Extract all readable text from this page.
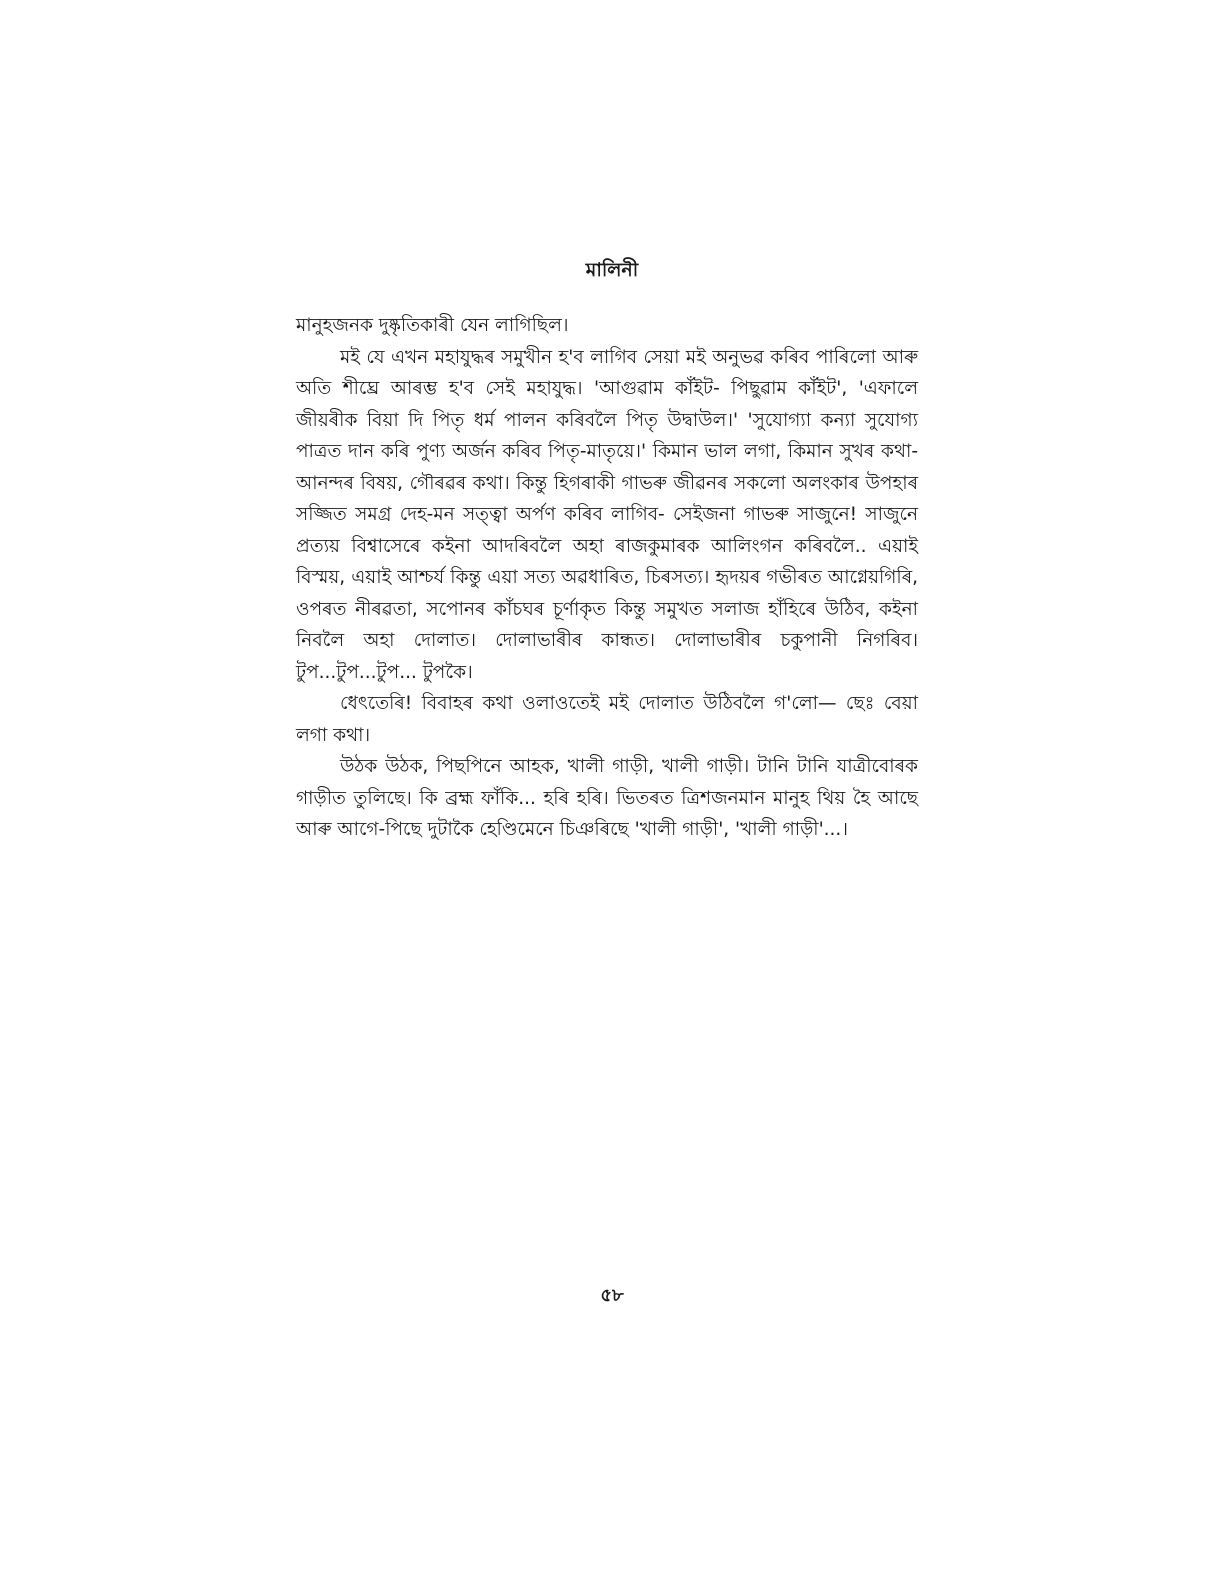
মালিনী

মানুহজনক দুষ্কৃতিকাৰী যেন লাগিছিল।

মই যে এখন মহাযুদ্ধৰ সমুখীন হ'ব লাগিব সেয়া মই অনুভৱ কৰিব পাৰিলো আৰু অতি শীঘ্ৰে আৰম্ভ হ'ব সেই মহাযুদ্ধ। 'আগুৱাম কাঁইট- পিছুৱাম কাঁইট', 'এফালে জীয়ৰীক বিয়া দি পিতৃ ধৰ্ম পালন কৰিবলৈ পিতৃ উদ্বাউল।' 'সুযোগ্যা কন্যা সুযোগ্য পাত্ৰত দান কৰি পুণ্য অৰ্জন কৰিব পিতৃ-মাতৃয়ে।' কিমান ভাল লগা, কিমান সুখৰ কথা- আনন্দৰ বিষয়, গৌৰৱৰ কথা। কিন্তু হিগৰাকী গাভৰু জীৱনৰ সকলো অলংকাৰ উপহাৰ সজ্জিত সমগ্ৰ দেহ-মন সত্ত্বা অৰ্পণ কৰিব লাগিব- সেইজনা গাভৰু সাজুনে! সাজুনে প্ৰত্যয় বিশ্বাসেৰে কইনা আদৰিবলৈ অহা ৰাজকুমাৰক আলিংগন কৰিবলৈ.. এয়াই বিস্ময়, এয়াই আশ্চৰ্য কিন্তু এয়া সত্য অৱধাৰিত, চিৰসত্য। হৃদয়ৰ গভীৰত আগ্নেয়গিৰি, ওপৰত নীৰৱতা, সপোনৰ কাঁচঘৰ চূৰ্ণাকৃত কিন্তু সমুখত সলাজ হাঁহিৰে উঠিব, কইনা নিবলৈ অহা দোলাত। দোলাভাৰীৰ কান্ধত। দোলাভাৰীৰ চকুপানী নিগৰিব। টুপ...টুপ...টুপ... টুপকৈ।

ধেৎতেৰি! বিবাহৰ কথা ওলাওতেই মই দোলাত উঠিবলৈ গ'লো— ছেঃ বেয়া লগা কথা।

উঠক উঠক, পিছপিনে আহক, খালী গাড়ী, খালী গাড়ী। টানি টানি যাত্ৰীবোৰক গাড়ীত তুলিছে। কি ব্ৰহ্ম ফাঁকি... হৰি হৰি। ভিতৰত ত্ৰিশজনমান মানুহ থিয় হৈ আছে আৰু আগে-পিছে দুটাকৈ হেণ্ডিমেনে চিঞৰিছে 'খালী গাড়ী', 'খালী গাড়ী'...।

৫৮
